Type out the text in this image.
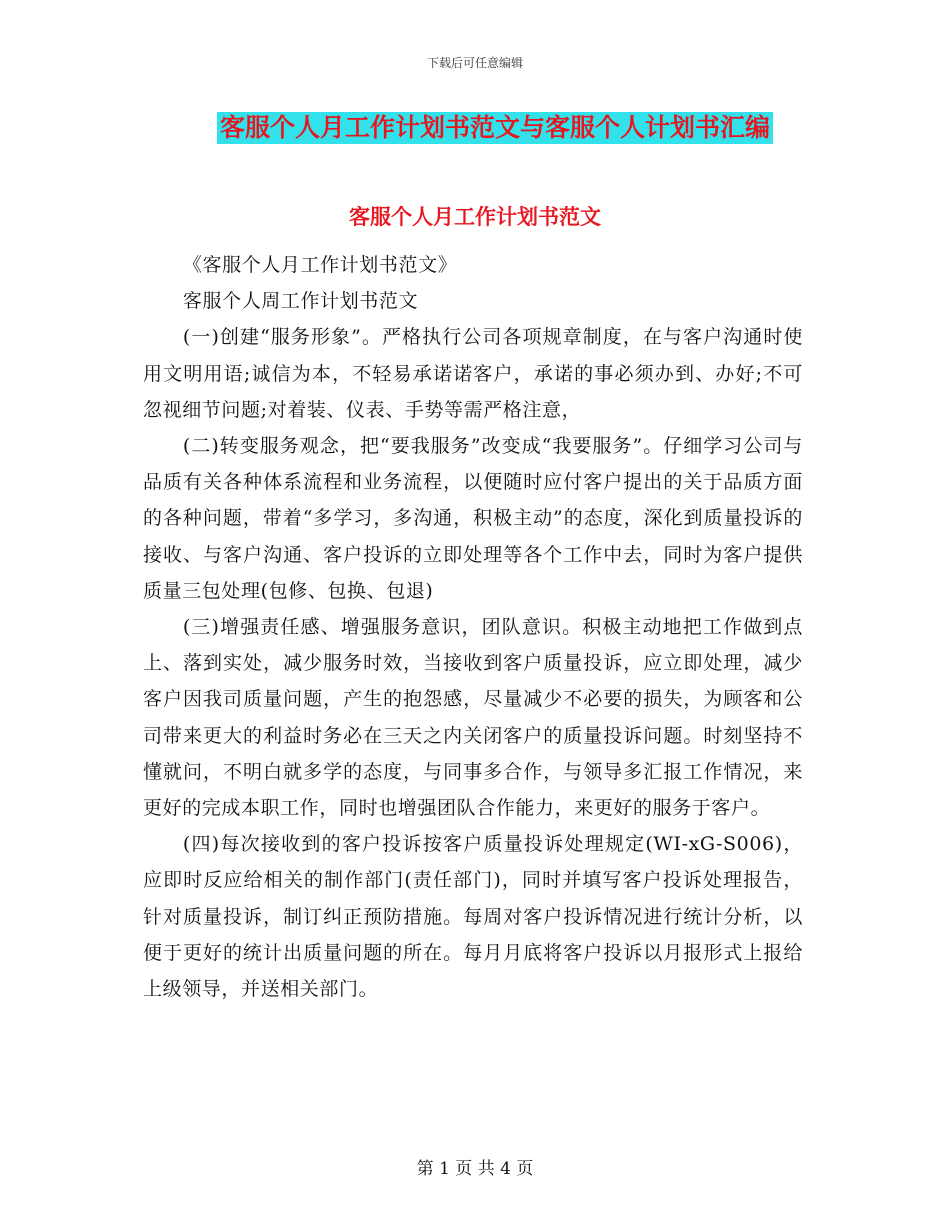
下载后可任意编辑
客服个人月工作计划书范文与客服个人计划书汇编
客服个人月工作计划书范文

《客服个人月工作计划书范文》

客服个人周工作计划书范文

(一)创建“服务形象”。严格执行公司各项规章制度，在与客户沟通时使用文明用语;诚信为本，不轻易承诺诺客户，承诺的事必须办到、办好;不可忽视细节问题;对着装、仪表、手势等需严格注意，

(二)转变服务观念，把“要我服务”改变成“我要服务”。仔细学习公司与品质有关各种体系流程和业务流程，以便随时应付客户提出的关于品质方面的各种问题，带着“多学习，多沟通，积极主动”的态度，深化到质量投诉的接收、与客户沟通、客户投诉的立即处理等各个工作中去，同时为客户提供质量三包处理(包修、包换、包退)

(三)增强责任感、增强服务意识，团队意识。积极主动地把工作做到点上、落到实处，减少服务时效，当接收到客户质量投诉，应立即处理，减少客户因我司质量问题，产生的抱怨感，尽量减少不必要的损失，为顾客和公司带来更大的利益时务必在三天之内关闭客户的质量投诉问题。时刻坚持不懂就问，不明白就多学的态度，与同事多合作，与领导多汇报工作情况，来更好的完成本职工作，同时也增强团队合作能力，来更好的服务于客户。

(四)每次接收到的客户投诉按客户质量投诉处理规定(WI-xG-S006)，应即时反应给相关的制作部门(责任部门)，同时并填写客户投诉处理报告，针对质量投诉，制订纠正预防措施。每周对客户投诉情况进行统计分析，以便于更好的统计出质量问题的所在。每月月底将客户投诉以月报形式上报给上级领导，并送相关部门。

第 1 页 共 4 页
